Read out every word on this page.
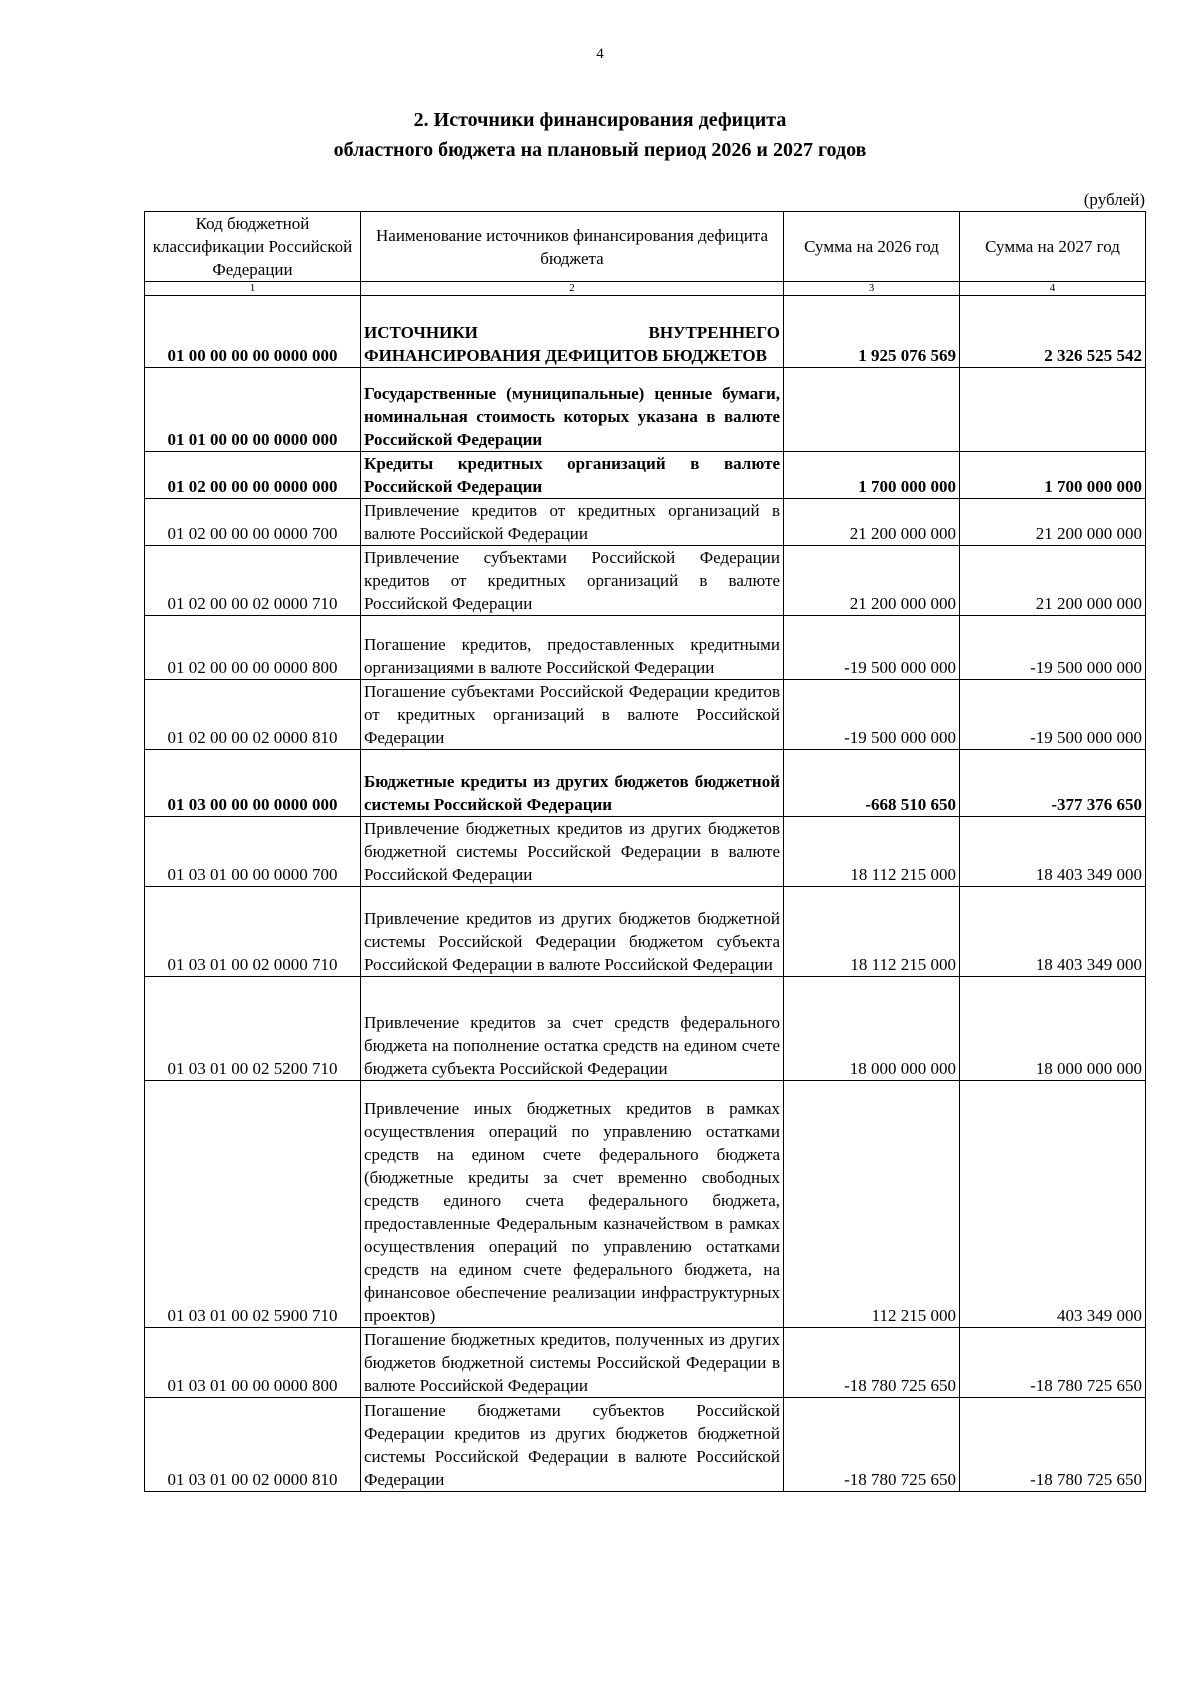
4
2. Источники финансирования дефицита
областного бюджета на плановый период 2026 и 2027 годов
(рублей)
Код бюджетной классификации Российской Федерации	Наименование источников финансирования дефицита бюджета	Сумма на 2026 год	Сумма на 2027 год
1	2	3	4
01 00 00 00 00 0000 000	ИСТОЧНИКИ ВНУТРЕННЕГО ФИНАНСИРОВАНИЯ ДЕФИЦИТОВ БЮДЖЕТОВ	1 925 076 569	2 326 525 542
01 01 00 00 00 0000 000	Государственные (муниципальные) ценные бумаги, номинальная стоимость которых указана в валюте Российской Федерации		
01 02 00 00 00 0000 000	Кредиты кредитных организаций в валюте Российской Федерации	1 700 000 000	1 700 000 000
01 02 00 00 00 0000 700	Привлечение кредитов от кредитных организаций в валюте Российской Федерации	21 200 000 000	21 200 000 000
01 02 00 00 02 0000 710	Привлечение субъектами Российской Федерации кредитов от кредитных организаций в валюте Российской Федерации	21 200 000 000	21 200 000 000
01 02 00 00 00 0000 800	Погашение кредитов, предоставленных кредитными организациями в валюте Российской Федерации	-19 500 000 000	-19 500 000 000
01 02 00 00 02 0000 810	Погашение субъектами Российской Федерации кредитов от кредитных организаций в валюте Российской Федерации	-19 500 000 000	-19 500 000 000
01 03 00 00 00 0000 000	Бюджетные кредиты из других бюджетов бюджетной системы Российской Федерации	-668 510 650	-377 376 650
01 03 01 00 00 0000 700	Привлечение бюджетных кредитов из других бюджетов бюджетной системы Российской Федерации в валюте Российской Федерации	18 112 215 000	18 403 349 000
01 03 01 00 02 0000 710	Привлечение кредитов из других бюджетов бюджетной системы Российской Федерации бюджетом субъекта Российской Федерации в валюте Российской Федерации	18 112 215 000	18 403 349 000
01 03 01 00 02 5200 710	Привлечение кредитов за счет средств федерального бюджета на пополнение остатка средств на едином счете бюджета субъекта Российской Федерации	18 000 000 000	18 000 000 000
01 03 01 00 02 5900 710	Привлечение иных бюджетных кредитов в рамках осуществления операций по управлению остатками средств на едином счете федерального бюджета (бюджетные кредиты за счет временно свободных средств единого счета федерального бюджета, предоставленные Федеральным казначейством в рамках осуществления операций по управлению остатками средств на едином счете федерального бюджета, на финансовое обеспечение реализации инфраструктурных проектов)	112 215 000	403 349 000
01 03 01 00 00 0000 800	Погашение бюджетных кредитов, полученных из других бюджетов бюджетной системы Российской Федерации в валюте Российской Федерации	-18 780 725 650	-18 780 725 650
01 03 01 00 02 0000 810	Погашение бюджетами субъектов Российской Федерации кредитов из других бюджетов бюджетной системы Российской Федерации в валюте Российской Федерации	-18 780 725 650	-18 780 725 650
